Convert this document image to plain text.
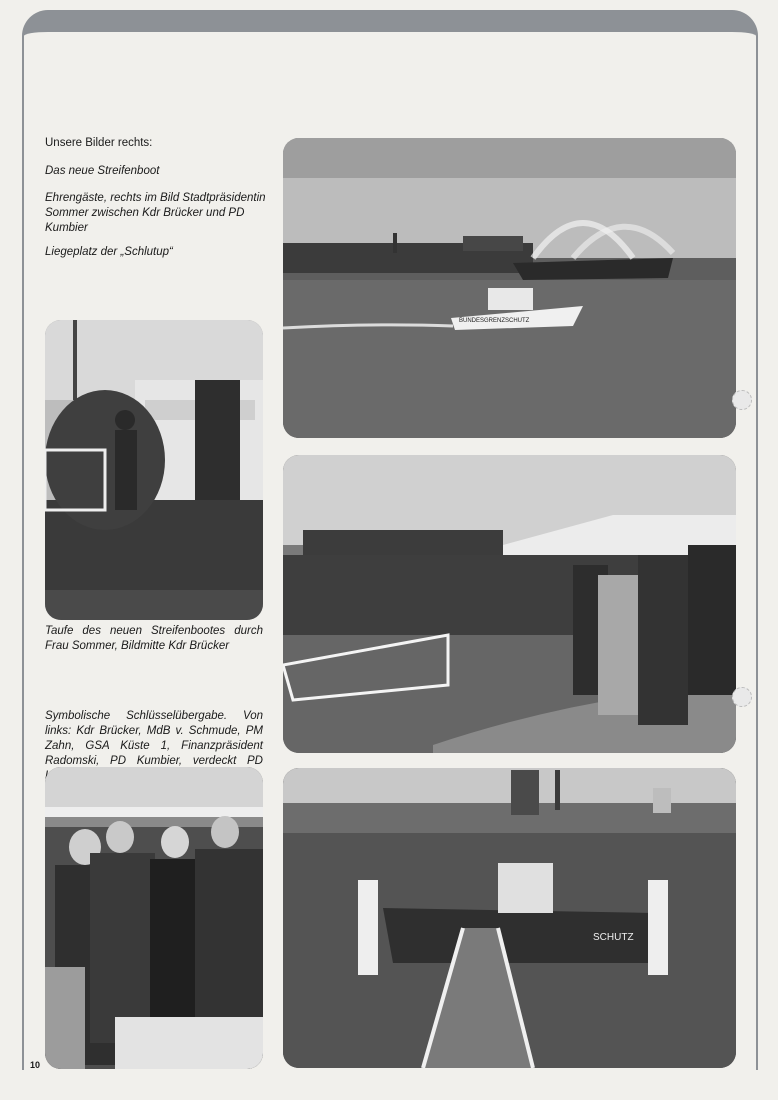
Unsere Bilder rechts:

Das neue Streifenboot

Ehrengäste, rechts im Bild Stadtpräsidentin Sommer zwischen Kdr Brücker und PD Kumbier

Liegeplatz der „Schlutup“

Taufe des neuen Streifenbootes durch Frau Sommer, Bildmitte Kdr Brücker

Symbolische Schlüsselübergabe. Von links: Kdr Brücker, MdB v. Schmude, PM Zahn, GSA Küste 1, Finanzpräsident Radomski, PD Kumbier, verdeckt PD

BUNDESGRENZSCHUTZ
SCHUTZ
10
